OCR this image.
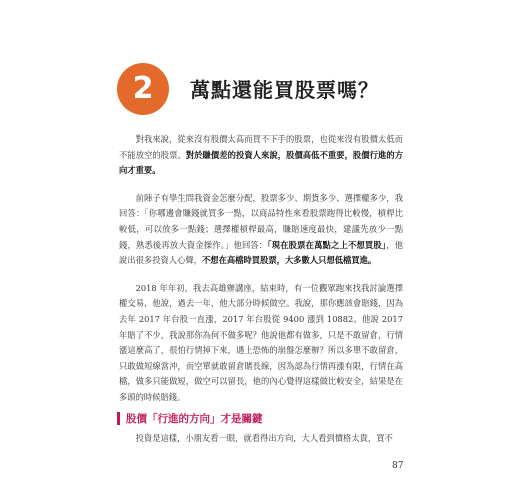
2	萬點還能買股票嗎？

對我來說，從來沒有股價太高而買不下手的股票，也從來沒有股價太低而不能放空的股票。對於賺價差的投資人來說，股價高低不重要，股價行進的方向才重要。

前陣子有學生問我資金怎麼分配，股票多少、期貨多少、選擇權多少，我回答：「你哪邊會賺錢就買多一點，以商品特性來看股票跑得比較慢，槓桿比較低，可以放多一點錢；選擇權槓桿最高，賺賠速度最快，建議先放少一點錢，熟悉後再放大資金操作。」他回答：「現在股票在萬點之上不想買股」，他說出很多投資人心聲，不想在高檔時買股票，大多數人只想低檔買進。

2018 年年初，我去高雄辦講座，結束時，有一位觀眾跑來找我討論選擇權交易，他說，過去一年，他大部分時候做空。我說，那你應該會賠錢，因為去年 2017 年台股一直漲，2017 年台股從 9400 漲到 10882。他說 2017 年賠了不少，我說那你為何不做多呢？他說他都有做多，只是不敢留倉，行情漲這麼高了，很怕行情掉下來，遇上恐怖的崩盤怎麼辦？所以多單不敢留倉，只敢做短線當沖，而空單就敢留倉賭長線，因為認為行情再漲有限，行情在高檔，做多只能做短，做空可以留長，他的內心覺得這樣做比較安全，結果是在多頭的時候賠錢。

股價「行進的方向」才是關鍵
投資是這樣，小朋友看一眼，就看得出方向，大人看到價格太貴，買不
87
